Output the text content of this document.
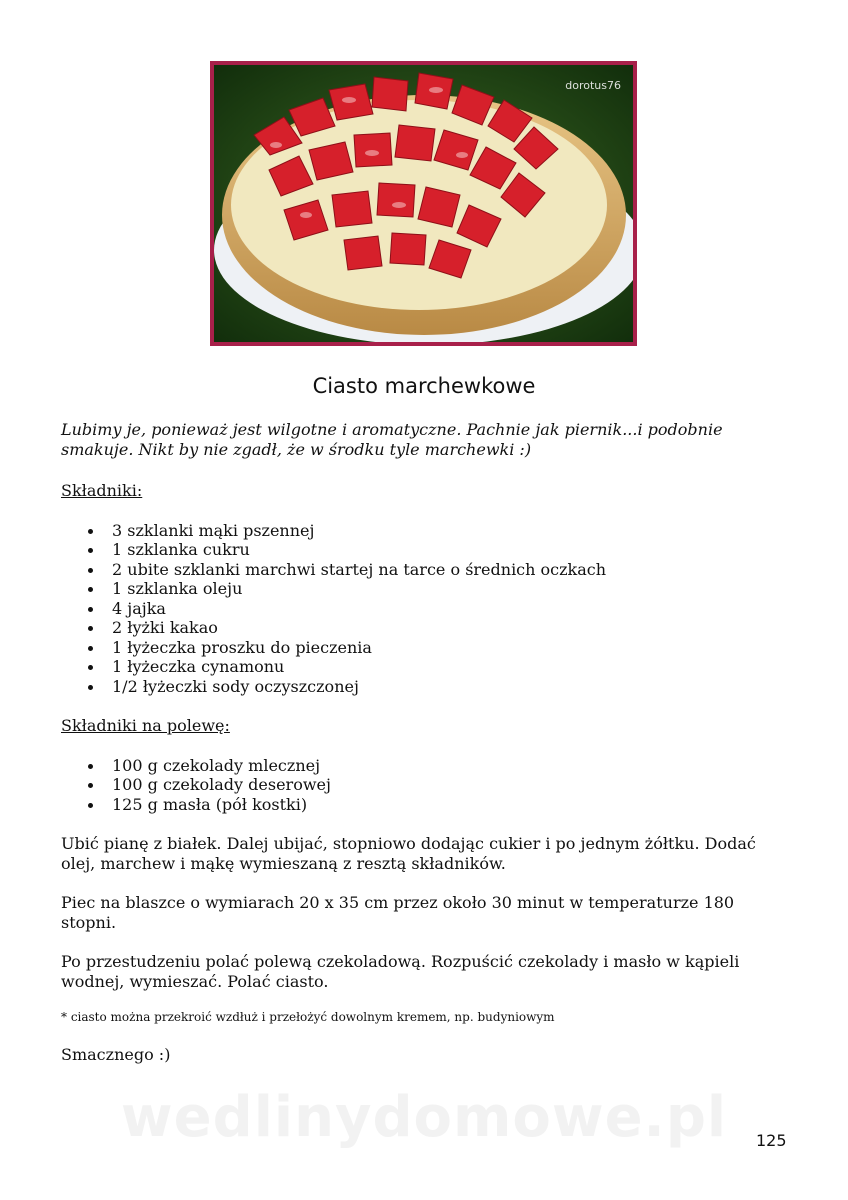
dorotus76
Ciasto marchewkowe

Lubimy je, ponieważ jest wilgotne i aromatyczne. Pachnie jak piernik...i podobnie smakuje. Nikt by nie zgadł, że w środku tyle marchewki :)

Składniki:

3 szklanki mąki pszennej
1 szklanka cukru
2 ubite szklanki marchwi startej na tarce o średnich oczkach
1 szklanka oleju
4 jajka
2 łyżki kakao
1 łyżeczka proszku do pieczenia
1 łyżeczka cynamonu
1/2 łyżeczki sody oczyszczonej

Składniki na polewę:

100 g czekolady mlecznej
100 g czekolady deserowej
125 g masła (pół kostki)

Ubić pianę z białek. Dalej ubijać, stopniowo dodając cukier i po jednym żółtku. Dodać olej, marchew i mąkę wymieszaną z resztą składników.

Piec na blaszce o wymiarach 20 x 35 cm przez około 30 minut w temperaturze 180 stopni.

Po przestudzeniu polać polewą czekoladową. Rozpuścić czekolady i masło w kąpieli wodnej, wymieszać. Polać ciasto.

* ciasto można przekroić wzdłuż i przełożyć dowolnym kremem, np. budyniowym

Smacznego :)

wedlinydomowe.pl	125
